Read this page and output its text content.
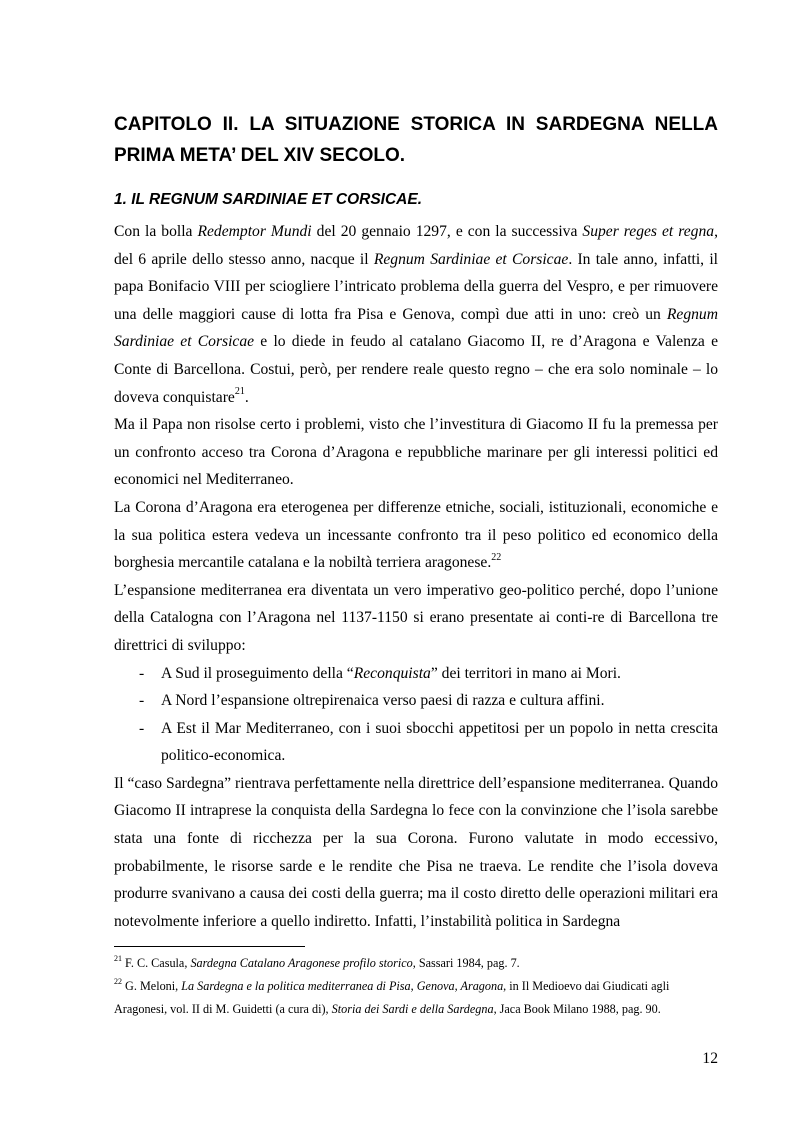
CAPITOLO II. LA SITUAZIONE STORICA IN SARDEGNA NELLA PRIMA META’ DEL XIV SECOLO.
1. IL REGNUM SARDINIAE ET CORSICAE.

Con la bolla Redemptor Mundi del 20 gennaio 1297, e con la successiva Super reges et regna, del 6 aprile dello stesso anno, nacque il Regnum Sardiniae et Corsicae. In tale anno, infatti, il papa Bonifacio VIII per sciogliere l’intricato problema della guerra del Vespro, e per rimuovere una delle maggiori cause di lotta fra Pisa e Genova, compì due atti in uno: creò un Regnum Sardiniae et Corsicae e lo diede in feudo al catalano Giacomo II, re d’Aragona e Valenza e Conte di Barcellona. Costui, però, per rendere reale questo regno – che era solo nominale – lo doveva conquistare$^{21}$.

Ma il Papa non risolse certo i problemi, visto che l’investitura di Giacomo II fu la premessa per un confronto acceso tra Corona d’Aragona e repubbliche marinare per gli interessi politici ed economici nel Mediterraneo.

La Corona d’Aragona era eterogenea per differenze etniche, sociali, istituzionali, economiche e la sua politica estera vedeva un incessante confronto tra il peso politico ed economico della borghesia mercantile catalana e la nobiltà terriera aragonese.$^{22}$

L’espansione mediterranea era diventata un vero imperativo geo-politico perché, dopo l’unione della Catalogna con l’Aragona nel 1137-1150 si erano presentate ai conti-re di Barcellona tre direttrici di sviluppo:

- A Sud il proseguimento della “Reconquista” dei territori in mano ai Mori.
- A Nord l’espansione oltrepirenaica verso paesi di razza e cultura affini.
- A Est il Mar Mediterraneo, con i suoi sbocchi appetitosi per un popolo in netta crescita politico-economica.

Il “caso Sardegna” rientrava perfettamente nella direttrice dell’espansione mediterranea. Quando Giacomo II intraprese la conquista della Sardegna lo fece con la convinzione che l’isola sarebbe stata una fonte di ricchezza per la sua Corona. Furono valutate in modo eccessivo, probabilmente, le risorse sarde e le rendite che Pisa ne traeva. Le rendite che l’isola doveva produrre svanivano a causa dei costi della guerra; ma il costo diretto delle operazioni militari era notevolmente inferiore a quello indiretto. Infatti, l’instabilità politica in Sardegna

$^{21}$ F. C. Casula, Sardegna Catalano Aragonese profilo storico, Sassari 1984, pag. 7.

$^{22}$ G. Meloni, La Sardegna e la politica mediterranea di Pisa, Genova, Aragona, in Il Medioevo dai Giudicati agli Aragonesi, vol. II di M. Guidetti (a cura di), Storia dei Sardi e della Sardegna, Jaca Book Milano 1988, pag. 90.

12
